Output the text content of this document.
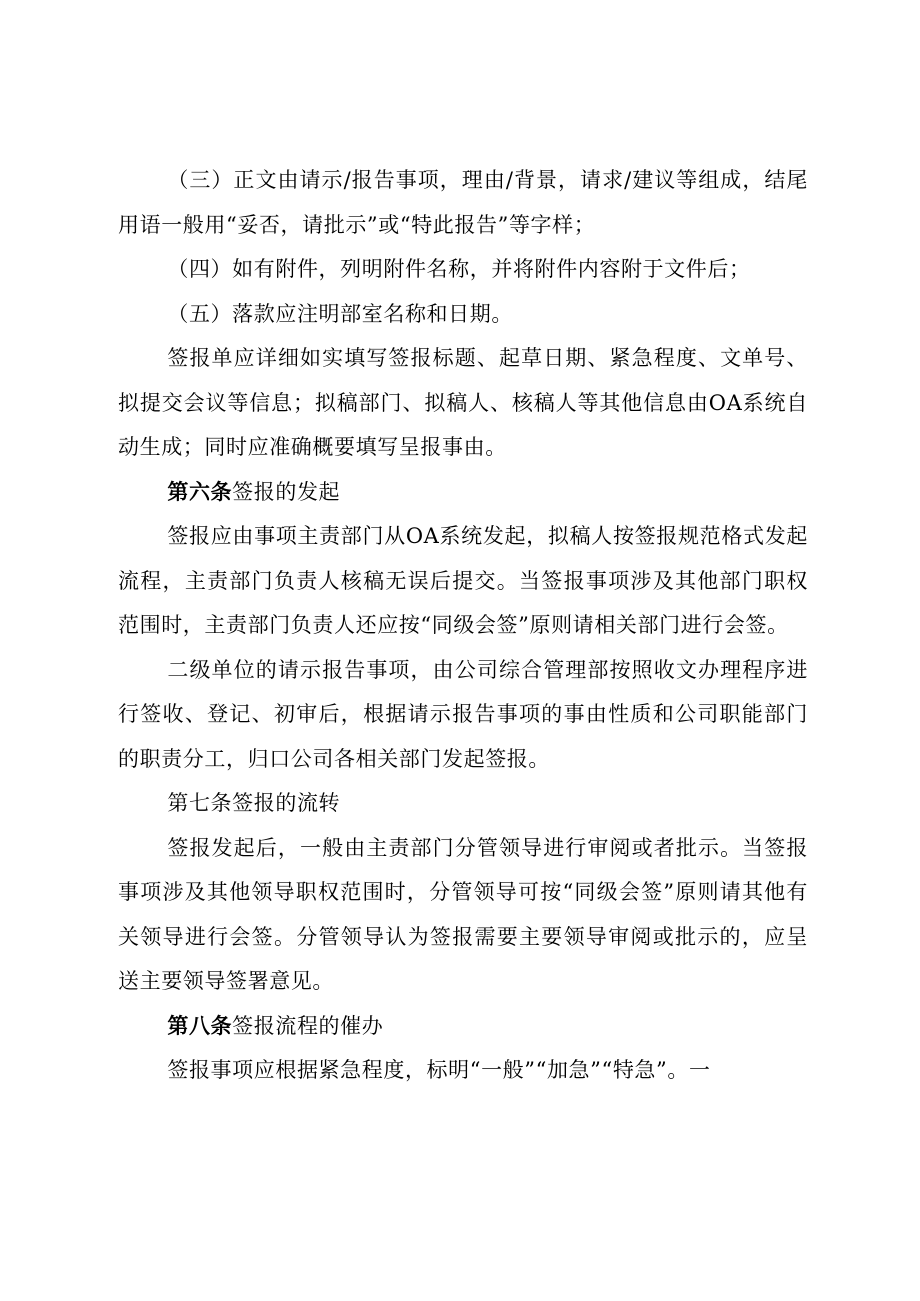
（三）正文由请示/报告事项，理由/背景，请求/建议等组成，结尾用语一般用“妥否，请批示”或“特此报告”等字样；

（四）如有附件，列明附件名称，并将附件内容附于文件后；

（五）落款应注明部室名称和日期。

签报单应详细如实填写签报标题、起草日期、紧急程度、文单号、拟提交会议等信息；拟稿部门、拟稿人、核稿人等其他信息由OA系统自动生成；同时应准确概要填写呈报事由。

第六条签报的发起

签报应由事项主责部门从OA系统发起，拟稿人按签报规范格式发起流程，主责部门负责人核稿无误后提交。当签报事项涉及其他部门职权范围时，主责部门负责人还应按“同级会签”原则请相关部门进行会签。

二级单位的请示报告事项，由公司综合管理部按照收文办理程序进行签收、登记、初审后，根据请示报告事项的事由性质和公司职能部门的职责分工，归口公司各相关部门发起签报。

第七条签报的流转

签报发起后，一般由主责部门分管领导进行审阅或者批示。当签报事项涉及其他领导职权范围时，分管领导可按“同级会签”原则请其他有关领导进行会签。分管领导认为签报需要主要领导审阅或批示的，应呈送主要领导签署意见。

第八条签报流程的催办

签报事项应根据紧急程度，标明“一般”“加急”“特急”。一
